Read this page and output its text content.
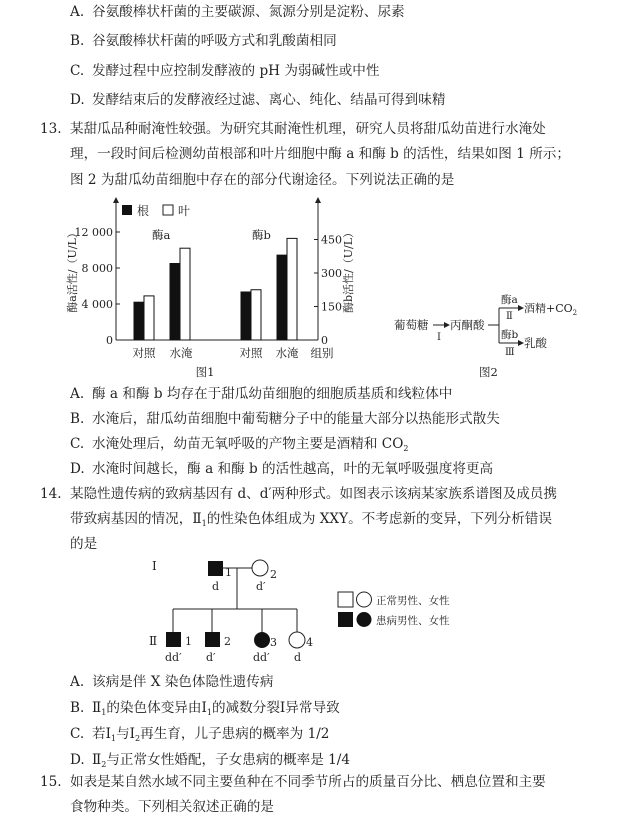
A. 谷氨酸棒状杆菌的主要碳源、氮源分别是淀粉、尿素
B. 谷氨酸棒状杆菌的呼吸方式和乳酸菌相同
C. 发酵过程中应控制发酵液的 pH 为弱碱性或中性
D. 发酵结束后的发酵液经过滤、离心、纯化、结晶可得到味精
13. 某甜瓜品种耐淹性较强。为研究其耐淹性机理，研究人员将甜瓜幼苗进行水淹处
理，一段时间后检测幼苗根部和叶片细胞中酶 a 和酶 b 的活性，结果如图 1 所示；
图 2 为甜瓜幼苗细胞中存在的部分代谢途径。下列说法正确的是
0
4 000
8 000
12 000
0
150
300
450
根 叶
酶a	酶b
对照 水淹	对照 水淹 组别
酶a活性/（U/L）	酶b活性/（U/L）
图1
葡萄糖
Ⅰ
丙酮酸
酶a
Ⅱ
酒精$+CO_2$
酶b
Ⅲ
乳酸
图2
Ⅰ
Ⅱ
1
d
2
d′
1
dd′
2
d′
3
dd′
4
d
正常男性、女性
患病男性、女性
A. 酶 a 和酶 b 均存在于甜瓜幼苗细胞的细胞质基质和线粒体中
B. 水淹后，甜瓜幼苗细胞中葡萄糖分子中的能量大部分以热能形式散失
C. 水淹处理后，幼苗无氧呼吸的产物主要是酒精和 $CO_2$
D. 水淹时间越长，酶 a 和酶 b 的活性越高，叶的无氧呼吸强度将更高
14. 某隐性遗传病的致病基因有 d、d′两种形式。如图表示该病某家族系谱图及成员携
带致病基因的情况，$Ⅱ_1$的性染色体组成为 XXY。不考虑新的变异，下列分析错误
的是
A. 该病是伴 X 染色体隐性遗传病
B. $Ⅱ_1$的染色体变异由$Ⅰ_1$的减数分裂Ⅰ异常导致
C. 若$Ⅰ_1$与$Ⅰ_2$再生育，儿子患病的概率为 1/2
D. $Ⅱ_2$与正常女性婚配，子女患病的概率是 1/4
15. 如表是某自然水域不同主要鱼种在不同季节所占的质量百分比、栖息位置和主要
食物种类。下列相关叙述正确的是
